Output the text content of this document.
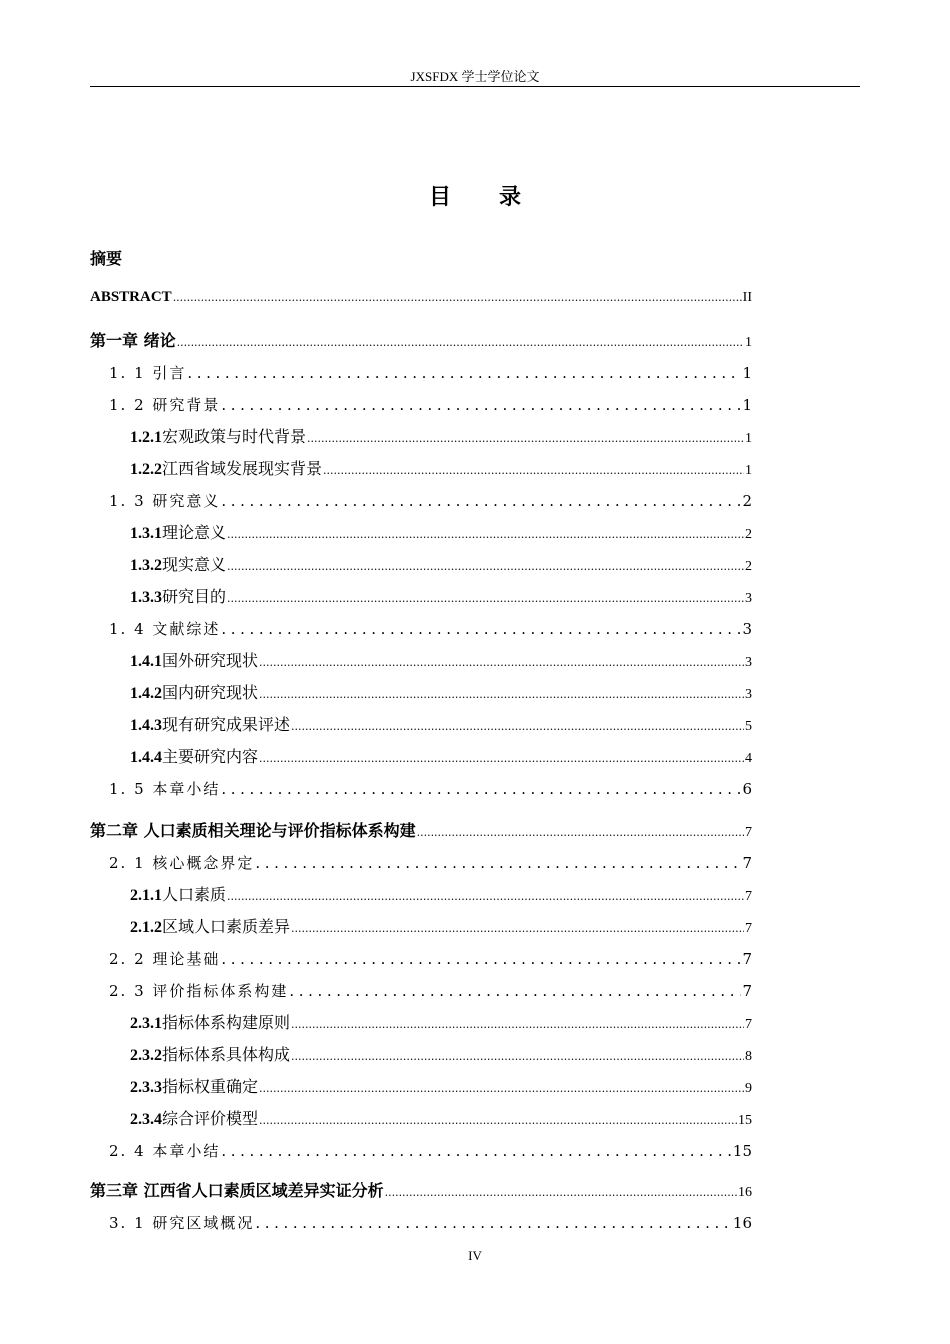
JXSFDX 学士学位论文
目录
摘要
ABSTRACT .....	II
第一章 绪论 .....	1
1. 1 引言 .....	1
1. 2 研究背景 .....	1
1.2.1宏观政策与时代背景 .....	1
1.2.2江西省域发展现实背景 .....	1
1. 3 研究意义 .....	2
1.3.1理论意义 .....	2
1.3.2现实意义 .....	2
1.3.3研究目的 .....	3
1. 4 文献综述 .....	3
1.4.1国外研究现状 .....	3
1.4.2国内研究现状 .....	3
1.4.3现有研究成果评述 .....	5
1.4.4主要研究内容 .....	4
1. 5 本章小结 .....	6
第二章 人口素质相关理论与评价指标体系构建 .....	7
2. 1 核心概念界定 .....	7
2.1.1人口素质 .....	7
2.1.2区域人口素质差异 .....	7
2. 2 理论基础 .....	7
2. 3 评价指标体系构建 .....	7
2.3.1指标体系构建原则 .....	7
2.3.2指标体系具体构成 .....	8
2.3.3指标权重确定 .....	9
2.3.4综合评价模型 .....	15
2. 4 本章小结 .....	15
第三章 江西省人口素质区域差异实证分析 .....	16
3. 1 研究区域概况 .....	16
IV
